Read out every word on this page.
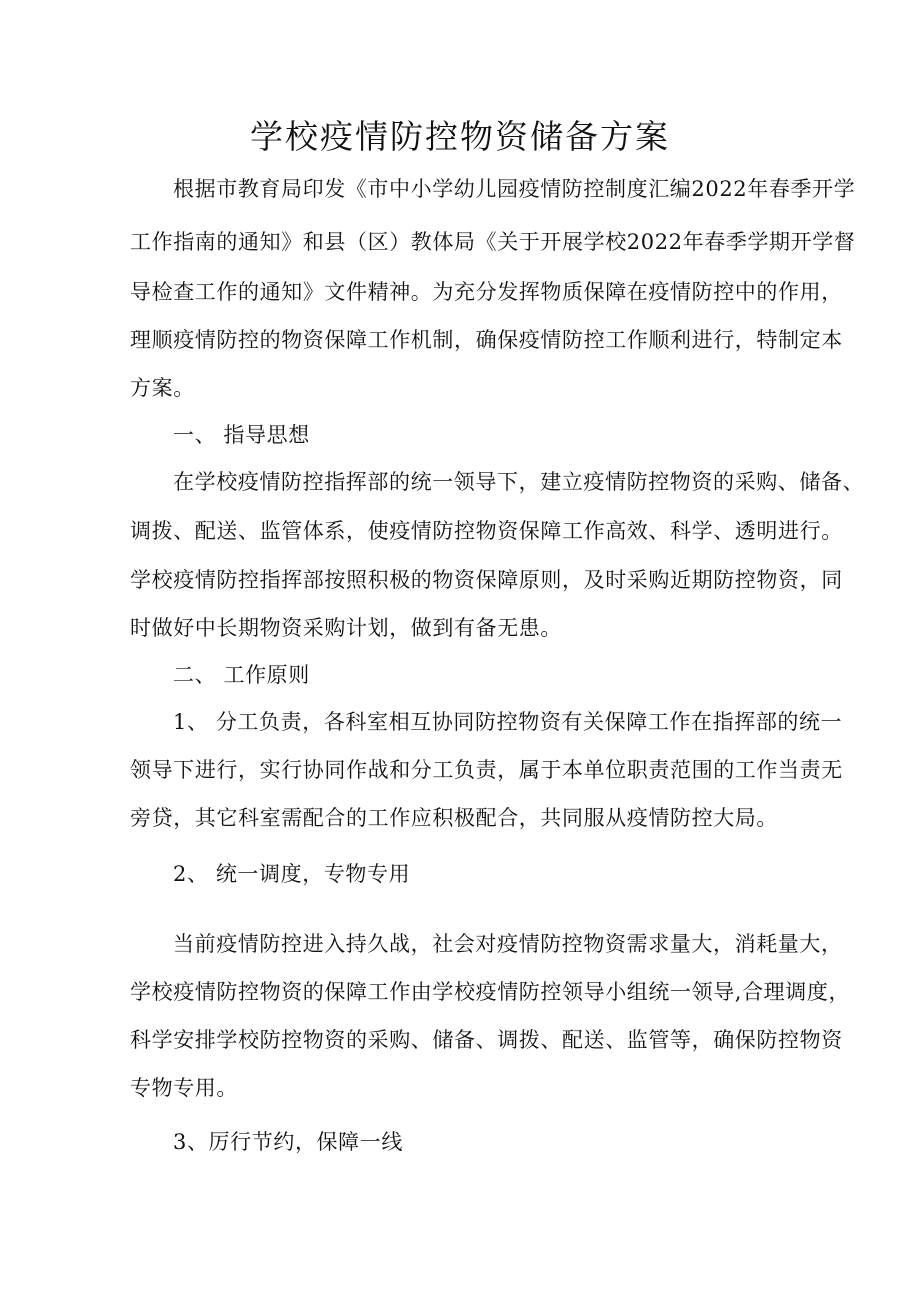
学校疫情防控物资储备方案
根据市教育局印发《市中小学幼儿园疫情防控制度汇编2022年春季开学
工作指南的通知》和县（区）教体局《关于开展学校2022年春季学期开学督
导检查工作的通知》文件精神。为充分发挥物质保障在疫情防控中的作用，
理顺疫情防控的物资保障工作机制，确保疫情防控工作顺利进行，特制定本
方案。
一、 指导思想
在学校疫情防控指挥部的统一领导下，建立疫情防控物资的采购、储备、
调拨、配送、监管体系，使疫情防控物资保障工作高效、科学、透明进行。
学校疫情防控指挥部按照积极的物资保障原则，及时采购近期防控物资，同
时做好中长期物资采购计划，做到有备无患。
二、 工作原则
1、 分工负责，各科室相互协同防控物资有关保障工作在指挥部的统一
领导下进行，实行协同作战和分工负责，属于本单位职责范围的工作当责无
旁贷，其它科室需配合的工作应积极配合，共同服从疫情防控大局。
2、 统一调度，专物专用
当前疫情防控进入持久战，社会对疫情防控物资需求量大，消耗量大，
学校疫情防控物资的保障工作由学校疫情防控领导小组统一领导,合理调度，
科学安排学校防控物资的采购、储备、调拨、配送、监管等，确保防控物资
专物专用。
3、厉行节约，保障一线
